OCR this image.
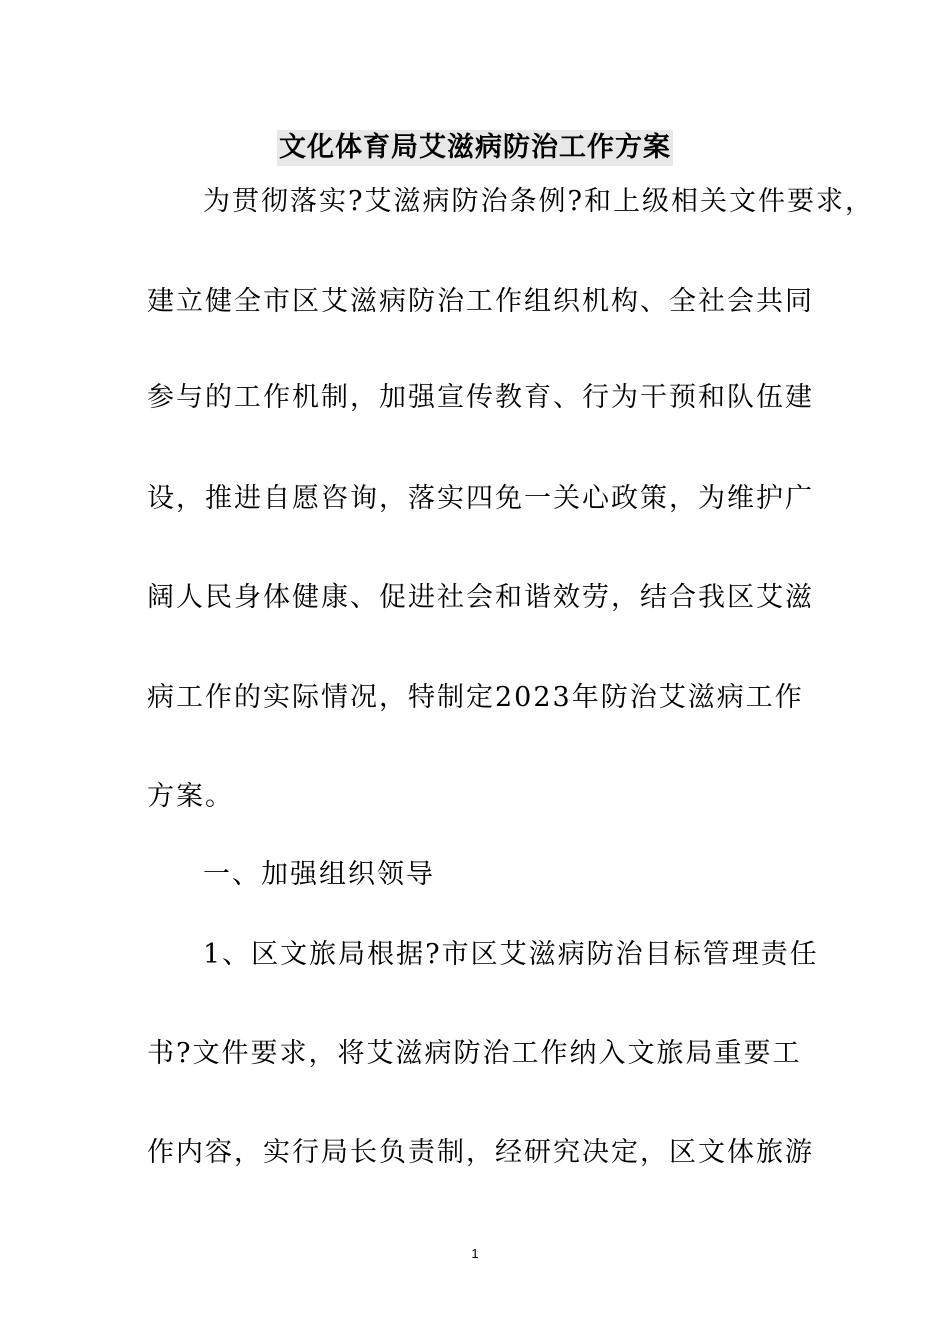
文化体育局艾滋病防治工作方案
为贯彻落实?艾滋病防治条例?和上级相关文件要求，
建立健全市区艾滋病防治工作组织机构、全社会共同
参与的工作机制，加强宣传教育、行为干预和队伍建
设，推进自愿咨询，落实四免一关心政策，为维护广
阔人民身体健康、促进社会和谐效劳，结合我区艾滋
病工作的实际情况，特制定2023年防治艾滋病工作
方案。
一、加强组织领导
1、区文旅局根据?市区艾滋病防治目标管理责任
书?文件要求，将艾滋病防治工作纳入文旅局重要工
作内容，实行局长负责制，经研究决定，区文体旅游
1
